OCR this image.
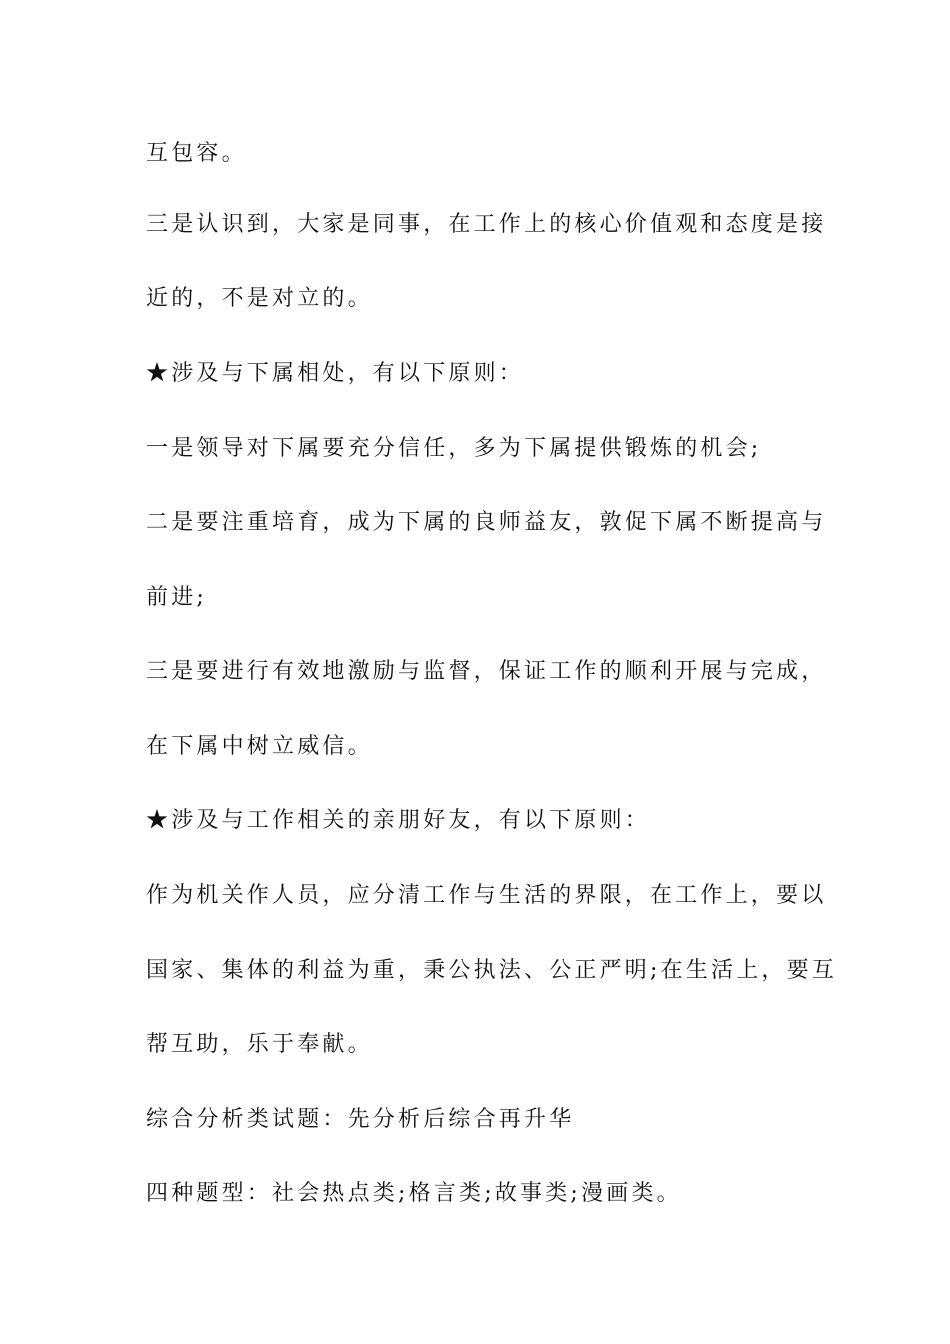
互包容。

三是认识到，大家是同事，在工作上的核心价值观和态度是接

近的，不是对立的。

★涉及与下属相处，有以下原则：

一是领导对下属要充分信任，多为下属提供锻炼的机会;

二是要注重培育，成为下属的良师益友，敦促下属不断提高与

前进;

三是要进行有效地激励与监督，保证工作的顺利开展与完成，

在下属中树立威信。

★涉及与工作相关的亲朋好友，有以下原则：

作为机关作人员，应分清工作与生活的界限，在工作上，要以

国家、集体的利益为重，秉公执法、公正严明;在生活上，要互

帮互助，乐于奉献。

综合分析类试题：先分析后综合再升华

四种题型：社会热点类;格言类;故事类;漫画类。
